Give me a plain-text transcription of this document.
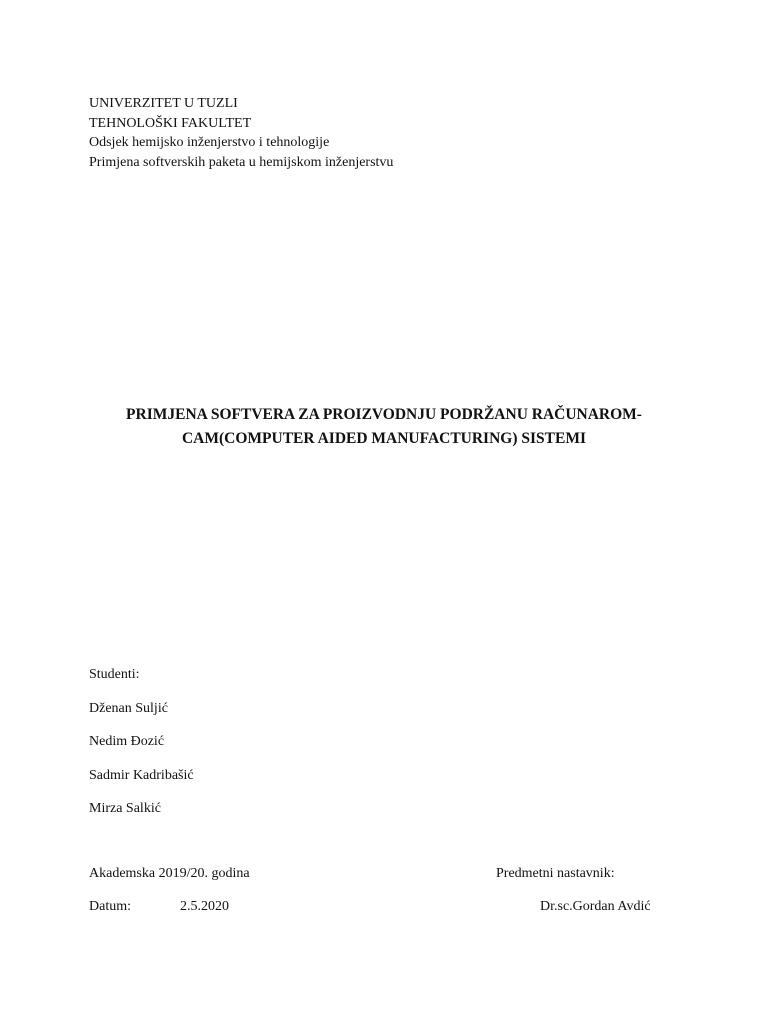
UNIVERZITET U TUZLI
TEHNOLOŠKI FAKULTET
Odsjek hemijsko inženjerstvo i tehnologije
Primjena softverskih paketa u hemijskom inženjerstvu
PRIMJENA SOFTVERA ZA PROIZVODNJU PODRŽANU RAČUNAROM-
CAM(COMPUTER AIDED MANUFACTURING) SISTEMI
Studenti:
Dženan Suljić
Nedim Đozić
Sadmir Kadribašić
Mirza Salkić
Akademska 2019/20. godina
Datum:	2.5.2020
Predmetni nastavnik:
Dr.sc.Gordan Avdić
